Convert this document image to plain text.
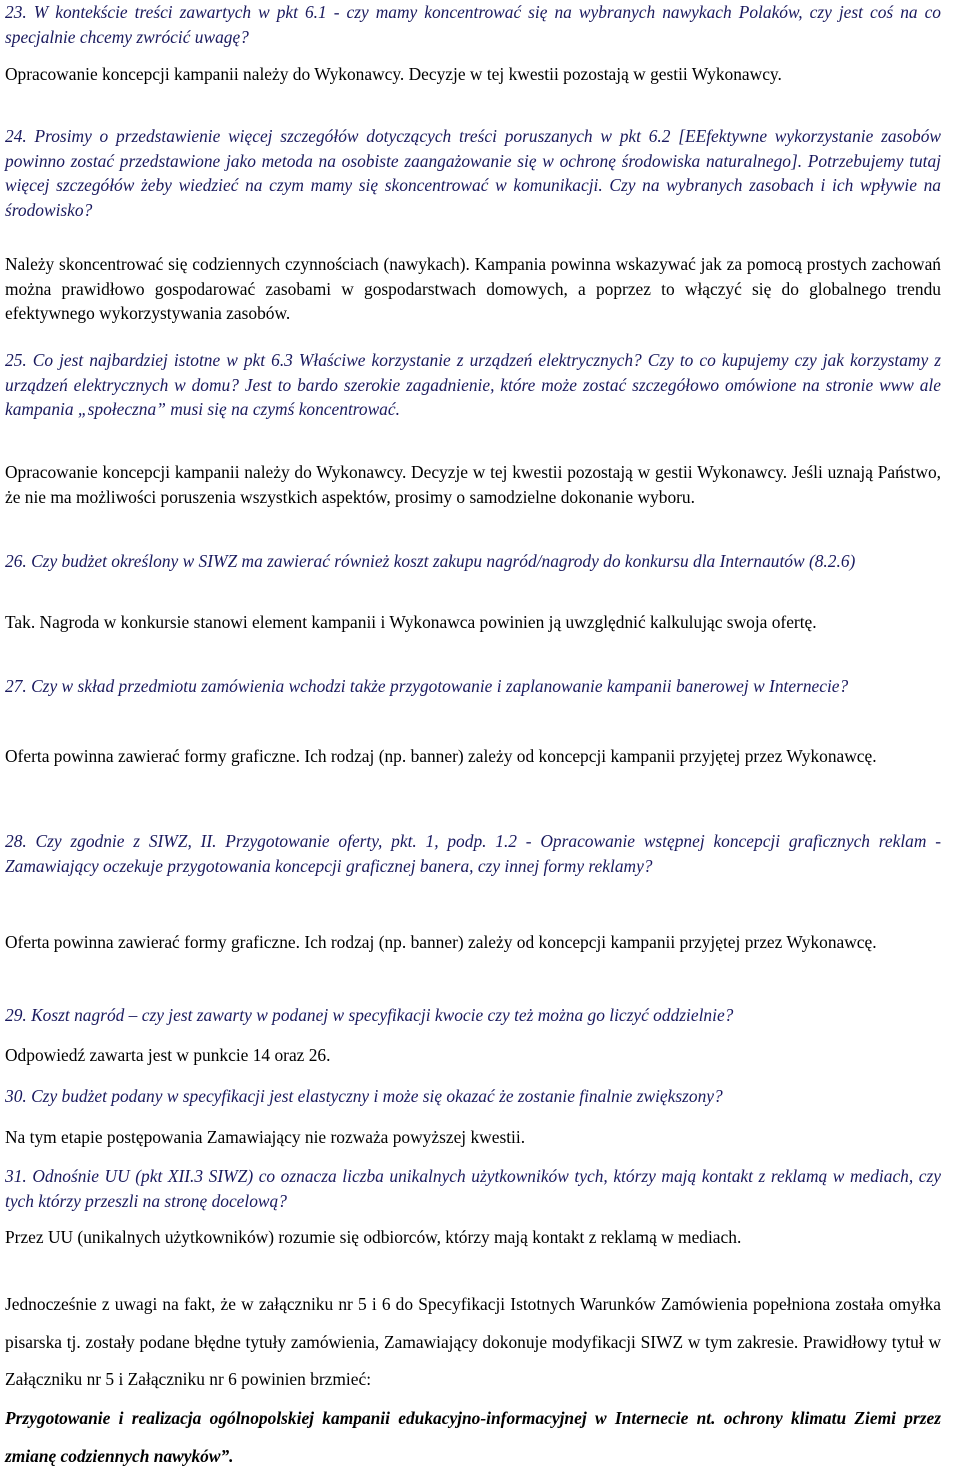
23. W kontekście treści zawartych w pkt 6.1 - czy mamy koncentrować się na wybranych nawykach Polaków, czy jest coś na co specjalnie chcemy zwrócić uwagę?

Opracowanie koncepcji kampanii należy do Wykonawcy. Decyzje w tej kwestii pozostają w gestii Wykonawcy.

24. Prosimy o przedstawienie więcej szczegółów dotyczących treści poruszanych w pkt 6.2 [EEfektywne wykorzystanie zasobów powinno zostać przedstawione jako metoda na osobiste zaangażowanie się w ochronę środowiska naturalnego]. Potrzebujemy tutaj więcej szczegółów żeby wiedzieć na czym mamy się skoncentrować w komunikacji. Czy na wybranych zasobach i ich wpływie na środowisko?

Należy skoncentrować się codziennych czynnościach (nawykach). Kampania powinna wskazywać jak za pomocą prostych zachowań można prawidłowo gospodarować zasobami w gospodarstwach domowych, a poprzez to włączyć się do globalnego trendu efektywnego wykorzystywania zasobów.

25. Co jest najbardziej istotne w pkt 6.3 Właściwe korzystanie z urządzeń elektrycznych? Czy to co kupujemy czy jak korzystamy z urządzeń elektrycznych w domu? Jest to bardo szerokie zagadnienie, które może zostać szczegółowo omówione na stronie www ale kampania „społeczna” musi się na czymś koncentrować.

Opracowanie koncepcji kampanii należy do Wykonawcy. Decyzje w tej kwestii pozostają w gestii Wykonawcy. Jeśli uznają Państwo, że nie ma możliwości poruszenia wszystkich aspektów, prosimy o samodzielne dokonanie wyboru.

26. Czy budżet określony w SIWZ ma zawierać również koszt zakupu nagród/nagrody do konkursu dla Internautów (8.2.6)

Tak. Nagroda w konkursie stanowi element kampanii i Wykonawca powinien ją uwzględnić kalkulując swoja ofertę.

27. Czy w skład przedmiotu zamówienia wchodzi także przygotowanie i zaplanowanie kampanii banerowej w Internecie?

Oferta powinna zawierać formy graficzne. Ich rodzaj (np. banner) zależy od koncepcji kampanii przyjętej przez Wykonawcę.

28. Czy zgodnie z SIWZ, II. Przygotowanie oferty, pkt. 1, podp. 1.2 - Opracowanie wstępnej koncepcji graficznych reklam - Zamawiający oczekuje przygotowania koncepcji graficznej banera, czy innej formy reklamy?

Oferta powinna zawierać formy graficzne. Ich rodzaj (np. banner) zależy od koncepcji kampanii przyjętej przez Wykonawcę.

29. Koszt nagród – czy jest zawarty w podanej w specyfikacji kwocie czy też można go liczyć oddzielnie?

Odpowiedź zawarta jest w punkcie 14 oraz 26.

30. Czy budżet podany w specyfikacji jest elastyczny i może się okazać że zostanie finalnie zwiększony?

Na tym etapie postępowania Zamawiający nie rozważa powyższej kwestii.

31. Odnośnie UU (pkt XII.3 SIWZ) co oznacza liczba unikalnych użytkowników tych, którzy mają kontakt z reklamą w mediach, czy tych którzy przeszli na stronę docelową?

Przez UU (unikalnych użytkowników) rozumie się odbiorców, którzy mają kontakt z reklamą w mediach.

Jednocześnie z uwagi na fakt, że w załączniku nr 5 i 6 do Specyfikacji Istotnych Warunków Zamówienia popełniona została omyłka pisarska tj. zostały podane błędne tytuły zamówienia, Zamawiający dokonuje modyfikacji SIWZ w tym zakresie. Prawidłowy tytuł w Załączniku nr 5 i Załączniku nr 6 powinien brzmieć:

Przygotowanie i realizacja ogólnopolskiej kampanii edukacyjno-informacyjnej w Internecie nt. ochrony klimatu Ziemi przez zmianę codziennych nawyków”.
